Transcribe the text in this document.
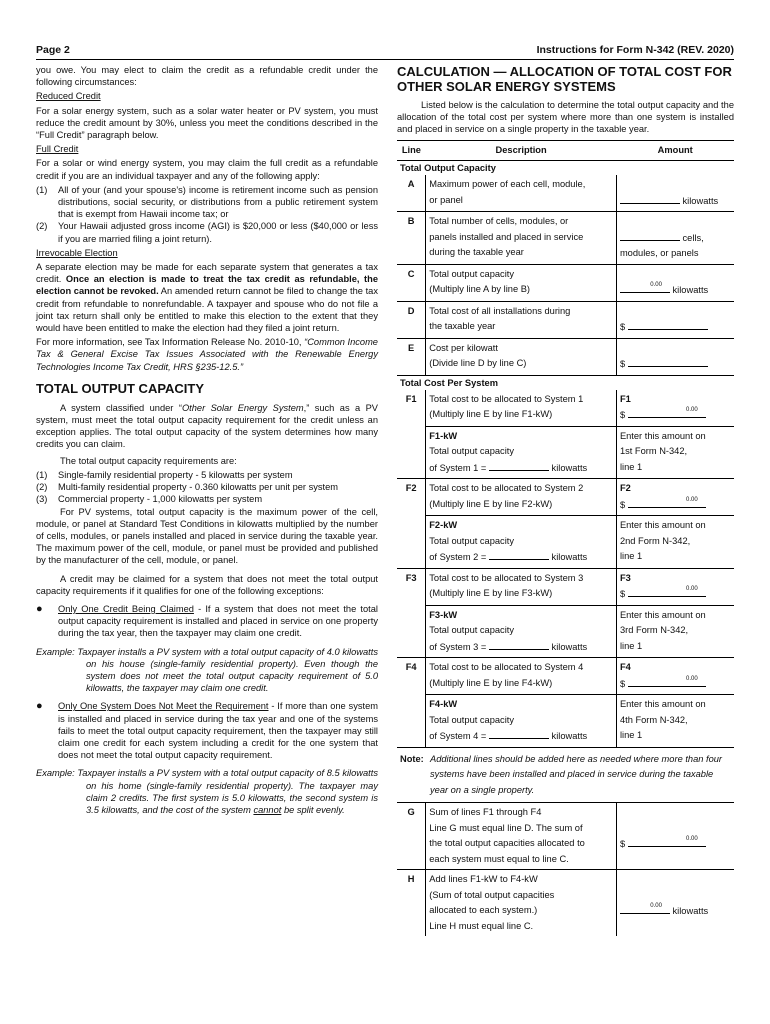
Page 2	Instructions for Form N-342 (REV. 2020)

you owe. You may elect to claim the credit as a refundable credit under the following circumstances:

Reduced Credit

For a solar energy system, such as a solar water heater or PV system, you must reduce the credit amount by 30%, unless you meet the conditions described in the “Full Credit” paragraph below.

Full Credit

For a solar or wind energy system, you may claim the full credit as a refundable credit if you are an individual taxpayer and any of the following apply:

(1)	All of your (and your spouse’s) income is retirement income such as pension distributions, social security, or distributions from a public retirement system that is exempt from Hawaii income tax; or
(2)	Your Hawaii adjusted gross income (AGI) is $20,000 or less ($40,000 or less if you are married filing a joint return).

Irrevocable Election

A separate election may be made for each separate system that generates a tax credit. Once an election is made to treat the tax credit as refundable, the election cannot be revoked. An amended return cannot be filed to change the tax credit from refundable to nonrefundable. A taxpayer and spouse who do not file a joint tax return shall only be entitled to make this election to the extent that they would have been entitled to make the election had they filed a joint return.

For more information, see Tax Information Release No. 2010-10, “Common Income Tax & General Excise Tax Issues Associated with the Renewable Energy Technologies Income Tax Credit, HRS §235-12.5.”

TOTAL OUTPUT CAPACITY

A system classified under “Other Solar Energy System,” such as a PV system, must meet the total output capacity requirement for the credit unless an exception applies. The total output capacity of the system determines how many credits you can claim.

The total output capacity requirements are:

(1)	Single-family residential property - 5 kilowatts per system
(2)	Multi-family residential property - 0.360 kilowatts per unit per system
(3)	Commercial property - 1,000 kilowatts per system

For PV systems, total output capacity is the maximum power of the cell, module, or panel at Standard Test Conditions in kilowatts multiplied by the number of cells, modules, or panels installed and placed in service during the taxable year. The maximum power of the cell, module, or panel must be provided and published by the manufacturer of the cell, module, or panel.

A credit may be claimed for a system that does not meet the total output capacity requirements if it qualifies for one of the following exceptions:

●	Only One Credit Being Claimed - If a system that does not meet the total output capacity requirement is installed and placed in service on one property during the tax year, then the taxpayer may claim one credit.

Example: Taxpayer installs a PV system with a total output capacity of 4.0 kilowatts on his house (single-family residential property). Even though the system does not meet the total output capacity requirement of 5.0 kilowatts, the taxpayer may claim one credit.

●	Only One System Does Not Meet the Requirement - If more than one system is installed and placed in service during the tax year and one of the systems fails to meet the total output capacity requirement, then the taxpayer may still claim one credit for each system including a credit for the one system that does not meet the total output capacity requirement.

Example: Taxpayer installs a PV system with a total output capacity of 8.5 kilowatts on his home (single-family residential property). The taxpayer may claim 2 credits. The first system is 5.0 kilowatts, the second system is 3.5 kilowatts, and the cost of the system cannot be split evenly.

CALCULATION — ALLOCATION OF TOTAL COST FOR OTHER SOLAR ENERGY SYSTEMS

Listed below is the calculation to determine the total output capacity and the allocation of the total cost per system where more than one system is installed and placed in service on a single property in the taxable year.

Line	Description	Amount
Total Output Capacity		
A	Maximum power of each cell, module,
or panel	kilowatts
B	Total number of cells, modules, or
panels installed and placed in service
during the taxable year	cells,
modules, or panels
C	Total output capacity
(Multiply line A by line B)	0.00 kilowatts
D	Total cost of all installations during
the taxable year	$
E	Cost per kilowatt
(Divide line D by line C)	$
Total Cost Per System		
F1	Total cost to be allocated to System 1
(Multiply line E by line F1-kW)	F1
$ 0.00

	F1-kW
Total output capacity
of System 1 = kilowatts	Enter this amount on
1st Form N-342,
line 1
F2	Total cost to be allocated to System 2
(Multiply line E by line F2-kW)	F2
$ 0.00

	F2-kW
Total output capacity
of System 2 = kilowatts	Enter this amount on
2nd Form N-342,
line 1
F3	Total cost to be allocated to System 3
(Multiply line E by line F3-kW)	F3
$ 0.00

	F3-kW
Total output capacity
of System 3 = kilowatts	Enter this amount on
3rd Form N-342,
line 1
F4	Total cost to be allocated to System 4
(Multiply line E by line F4-kW)	F4
$ 0.00

	F4-kW
Total output capacity
of System 4 = kilowatts	Enter this amount on
4th Form N-342,
line 1

Note: Additional lines should be added here as needed where more than four systems have been installed and placed in service during the taxable year on a single property.		

G	Sum of lines F1 through F4
Line G must equal line D. The sum of
the total output capacities allocated to
each system must equal to line C.	$ 0.00

H	Add lines F1-kW to F4-kW
(Sum of total output capacities
allocated to each system.)
Line H must equal line C.	0.00 kilowatts
